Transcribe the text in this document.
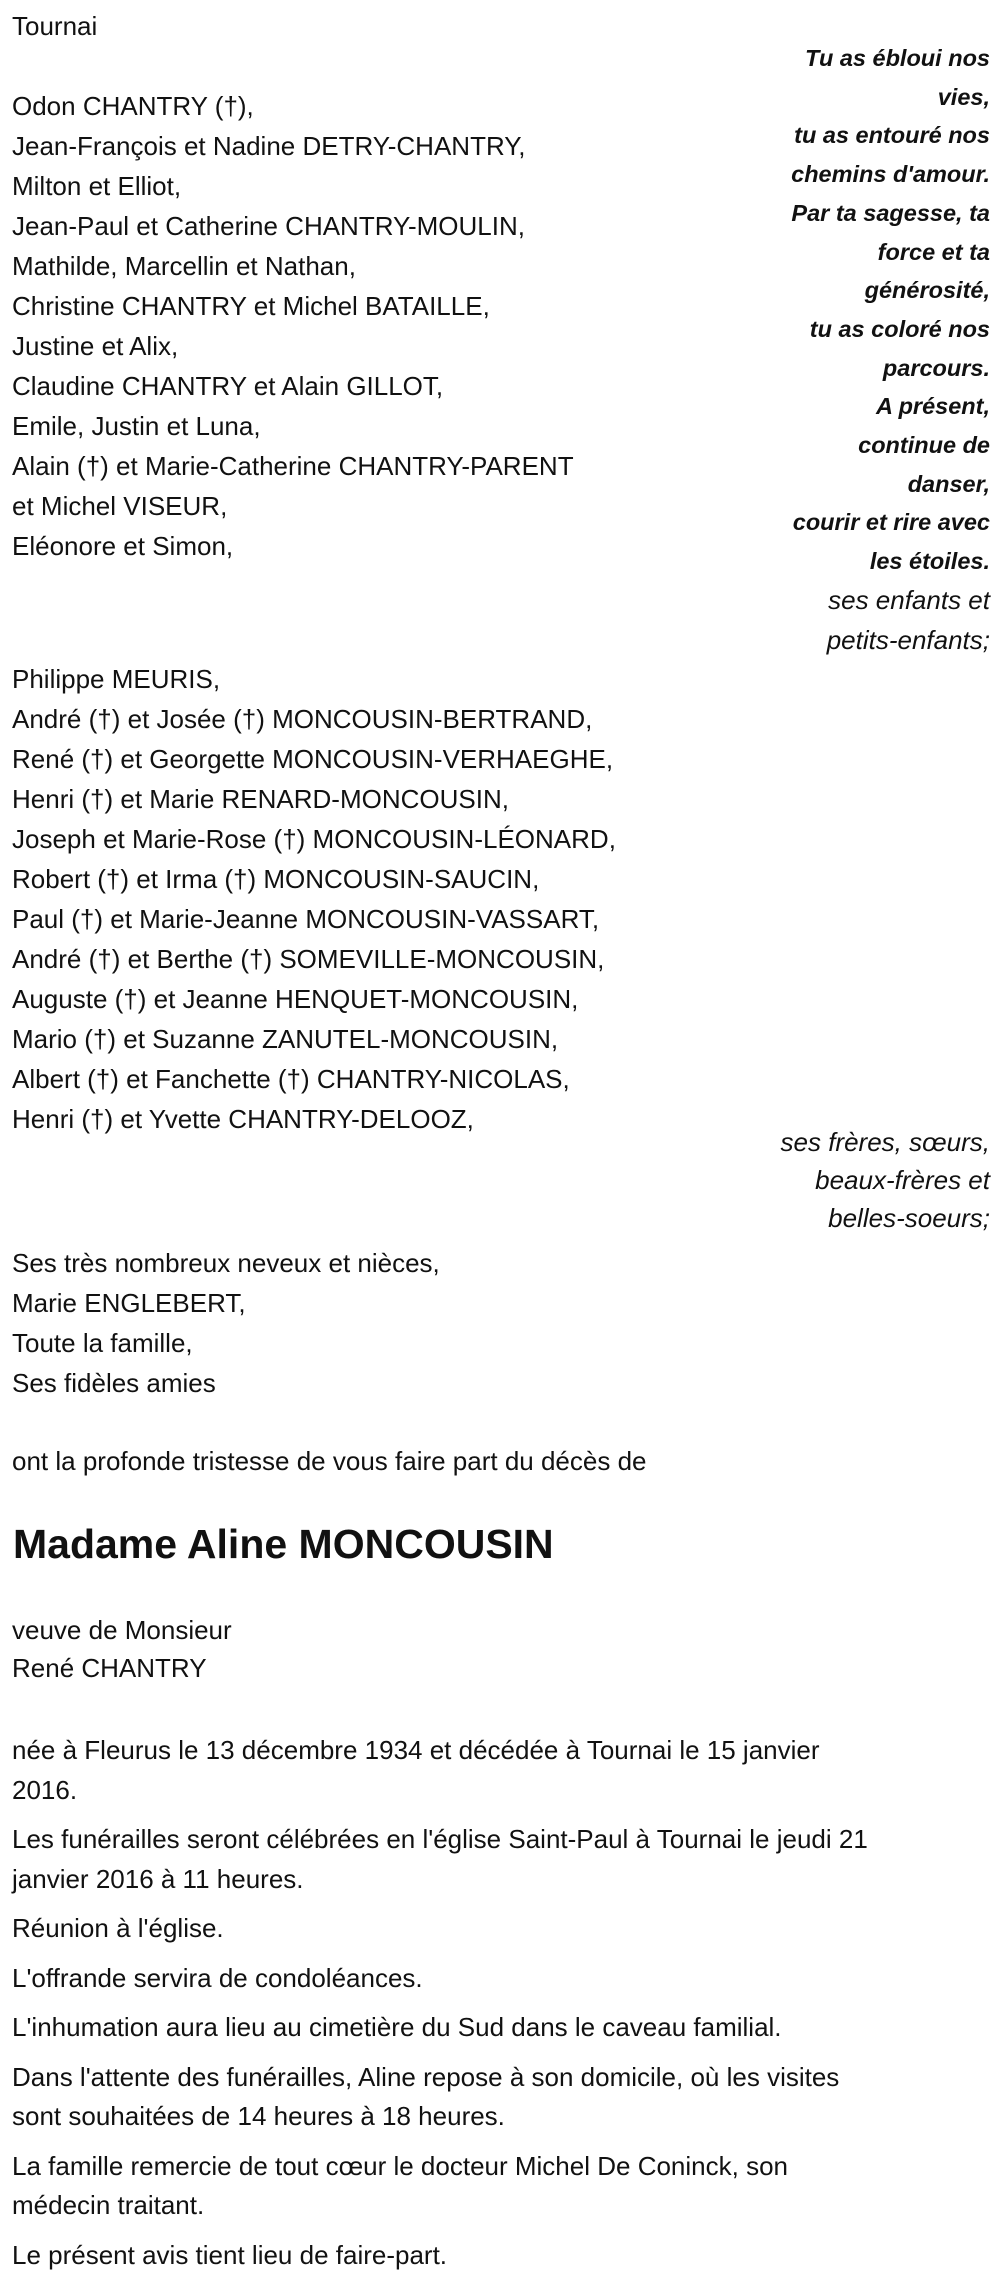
Tournai
Odon CHANTRY (†),
Jean-François et Nadine DETRY-CHANTRY,
Milton et Elliot,
Jean-Paul et Catherine CHANTRY-MOULIN,
Mathilde, Marcellin et Nathan,
Christine CHANTRY et Michel BATAILLE,
Justine et Alix,
Claudine CHANTRY et Alain GILLOT,
Emile, Justin et Luna,
Alain (†) et Marie-Catherine CHANTRY-PARENT
et Michel VISEUR,
Eléonore et Simon,
Tu as ébloui nos
vies,
tu as entouré nos
chemins d'amour.
Par ta sagesse, ta
force et ta
générosité,
tu as coloré nos
parcours.
A présent,
continue de
danser,
courir et rire avec
les étoiles.
ses enfants et
petits-enfants;
Philippe MEURIS,
André (†) et Josée (†) MONCOUSIN-BERTRAND,
René (†) et Georgette MONCOUSIN-VERHAEGHE,
Henri (†) et Marie RENARD-MONCOUSIN,
Joseph et Marie-Rose (†) MONCOUSIN-LÉONARD,
Robert (†) et Irma (†) MONCOUSIN-SAUCIN,
Paul (†) et Marie-Jeanne MONCOUSIN-VASSART,
André (†) et Berthe (†) SOMEVILLE-MONCOUSIN,
Auguste (†) et Jeanne HENQUET-MONCOUSIN,
Mario (†) et Suzanne ZANUTEL-MONCOUSIN,
Albert (†) et Fanchette (†) CHANTRY-NICOLAS,
Henri (†) et Yvette CHANTRY-DELOOZ,
ses frères, sœurs,
beaux-frères et
belles-soeurs;
Ses très nombreux neveux et nièces,
Marie ENGLEBERT,
Toute la famille,
Ses fidèles amies
ont la profonde tristesse de vous faire part du décès de
Madame Aline MONCOUSIN
veuve de Monsieur
René CHANTRY

née à Fleurus le 13 décembre 1934 et décédée à Tournai le 15 janvier
2016.

Les funérailles seront célébrées en l'église Saint-Paul à Tournai le jeudi 21
janvier 2016 à 11 heures.

Réunion à l'église.

L'offrande servira de condoléances.

L'inhumation aura lieu au cimetière du Sud dans le caveau familial.

Dans l'attente des funérailles, Aline repose à son domicile, où les visites
sont souhaitées de 14 heures à 18 heures.

La famille remercie de tout cœur le docteur Michel De Coninck, son
médecin traitant.

Le présent avis tient lieu de faire-part.
